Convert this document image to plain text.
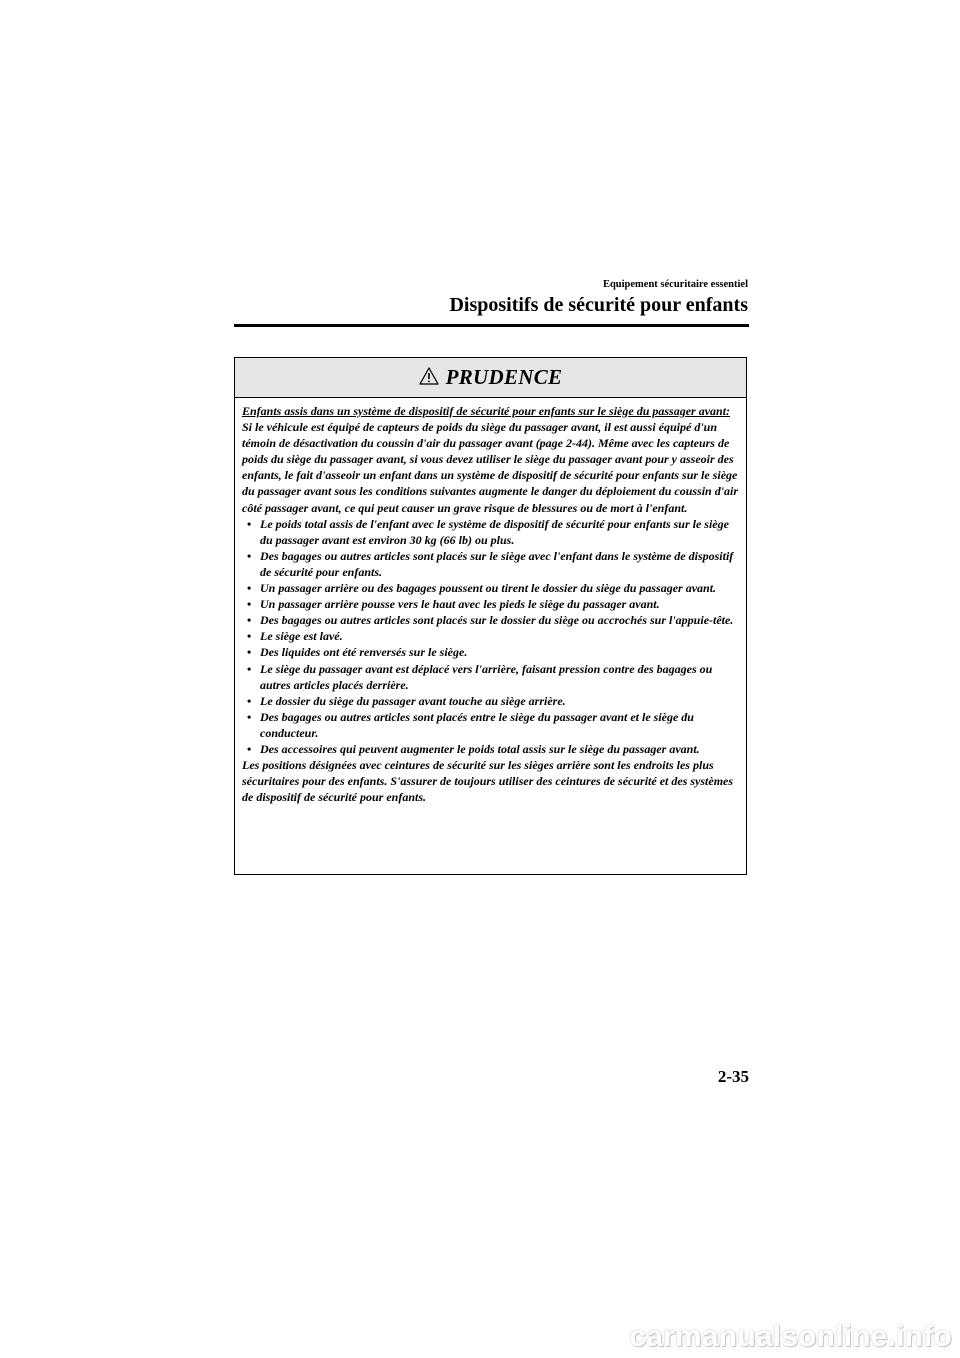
Equipement sécuritaire essentiel
Dispositifs de sécurité pour enfants
PRUDENCE

Enfants assis dans un système de dispositif de sécurité pour enfants sur le siège du passager avant:

Si le véhicule est équipé de capteurs de poids du siège du passager avant, il est aussi équipé d'un témoin de désactivation du coussin d'air du passager avant (page 2-44). Même avec les capteurs de poids du siège du passager avant, si vous devez utiliser le siège du passager avant pour y asseoir des enfants, le fait d'asseoir un enfant dans un système de dispositif de sécurité pour enfants sur le siège du passager avant sous les conditions suivantes augmente le danger du déploiement du coussin d'air côté passager avant, ce qui peut causer un grave risque de blessures ou de mort à l'enfant.

• Le poids total assis de l'enfant avec le système de dispositif de sécurité pour enfants sur le siège du passager avant est environ 30 kg (66 lb) ou plus.
• Des bagages ou autres articles sont placés sur le siège avec l'enfant dans le système de dispositif de sécurité pour enfants.
• Un passager arrière ou des bagages poussent ou tirent le dossier du siège du passager avant.
• Un passager arrière pousse vers le haut avec les pieds le siège du passager avant.
• Des bagages ou autres articles sont placés sur le dossier du siège ou accrochés sur l'appuie-tête.
• Le siège est lavé.
• Des liquides ont été renversés sur le siège.
• Le siège du passager avant est déplacé vers l'arrière, faisant pression contre des bagages ou autres articles placés derrière.
• Le dossier du siège du passager avant touche au siège arrière.
• Des bagages ou autres articles sont placés entre le siège du passager avant et le siège du conducteur.
• Des accessoires qui peuvent augmenter le poids total assis sur le siège du passager avant.

Les positions désignées avec ceintures de sécurité sur les sièges arrière sont les endroits les plus sécuritaires pour des enfants. S'assurer de toujours utiliser des ceintures de sécurité et des systèmes de dispositif de sécurité pour enfants.

2-35
carmanualsonline.info
